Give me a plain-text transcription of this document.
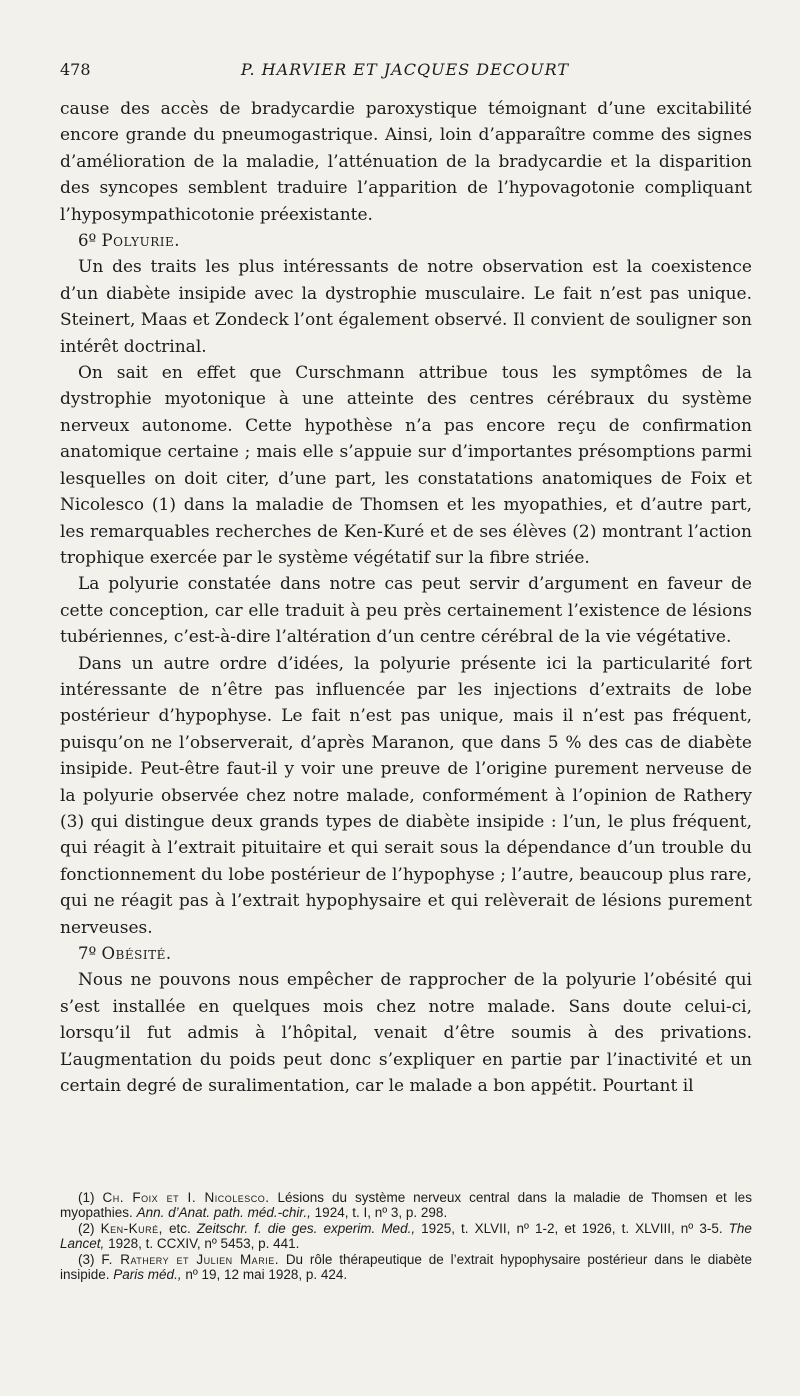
478	P. HARVIER ET JACQUES DECOURT

cause des accès de bradycardie paroxystique témoignant d’une excitabilité encore grande du pneumogastrique. Ainsi, loin d’apparaître comme des signes d’amélioration de la maladie, l’atténuation de la bradycardie et la disparition des syncopes semblent traduire l’apparition de l’hypovagotonie compliquant l’hyposympathicotonie préexistante.

6º Polyurie.

Un des traits les plus intéressants de notre observation est la coexistence d’un diabète insipide avec la dystrophie musculaire. Le fait n’est pas unique. Steinert, Maas et Zondeck l’ont également observé. Il convient de souligner son intérêt doctrinal.

On sait en effet que Curschmann attribue tous les symptômes de la dystrophie myotonique à une atteinte des centres cérébraux du système nerveux autonome. Cette hypothèse n’a pas encore reçu de confirmation anatomique certaine ; mais elle s’appuie sur d’importantes présomptions parmi lesquelles on doit citer, d’une part, les constatations anatomiques de Foix et Nicolesco (1) dans la maladie de Thomsen et les myopathies, et d’autre part, les remarquables recherches de Ken-Kuré et de ses élèves (2) montrant l’action trophique exercée par le système végétatif sur la fibre striée.

La polyurie constatée dans notre cas peut servir d’argument en faveur de cette conception, car elle traduit à peu près certainement l’existence de lésions tubériennes, c’est-à-dire l’altération d’un centre cérébral de la vie végétative.

Dans un autre ordre d’idées, la polyurie présente ici la particularité fort intéressante de n’être pas influencée par les injections d’extraits de lobe postérieur d’hypophyse. Le fait n’est pas unique, mais il n’est pas fréquent, puisqu’on ne l’observerait, d’après Maranon, que dans 5 % des cas de diabète insipide. Peut-être faut-il y voir une preuve de l’origine purement nerveuse de la polyurie observée chez notre malade, conformément à l’opinion de Rathery (3) qui distingue deux grands types de diabète insipide : l’un, le plus fréquent, qui réagit à l’extrait pituitaire et qui serait sous la dépendance d’un trouble du fonctionnement du lobe postérieur de l’hypophyse ; l’autre, beaucoup plus rare, qui ne réagit pas à l’extrait hypophysaire et qui relèverait de lésions purement nerveuses.

7º Obésité.

Nous ne pouvons nous empêcher de rapprocher de la polyurie l’obésité qui s’est installée en quelques mois chez notre malade. Sans doute celui-ci, lorsqu’il fut admis à l’hôpital, venait d’être soumis à des privations. L’augmentation du poids peut donc s’expliquer en partie par l’inactivité et un certain degré de suralimentation, car le malade a bon appétit. Pourtant il

(1) Ch. Foix et I. Nicolesco. Lésions du système nerveux central dans la maladie de Thomsen et les myopathies. Ann. d’Anat. path. méd.-chir., 1924, t. I, nº 3, p. 298.

(2) Ken-Kuré, etc. Zeitschr. f. die ges. experim. Med., 1925, t. XLVII, nº 1-2, et 1926, t. XLVIII, nº 3-5. The Lancet, 1928, t. CCXIV, nº 5453, p. 441.

(3) F. Rathery et Julien Marie. Du rôle thérapeutique de l’extrait hypophysaire postérieur dans le diabète insipide. Paris méd., nº 19, 12 mai 1928, p. 424.
